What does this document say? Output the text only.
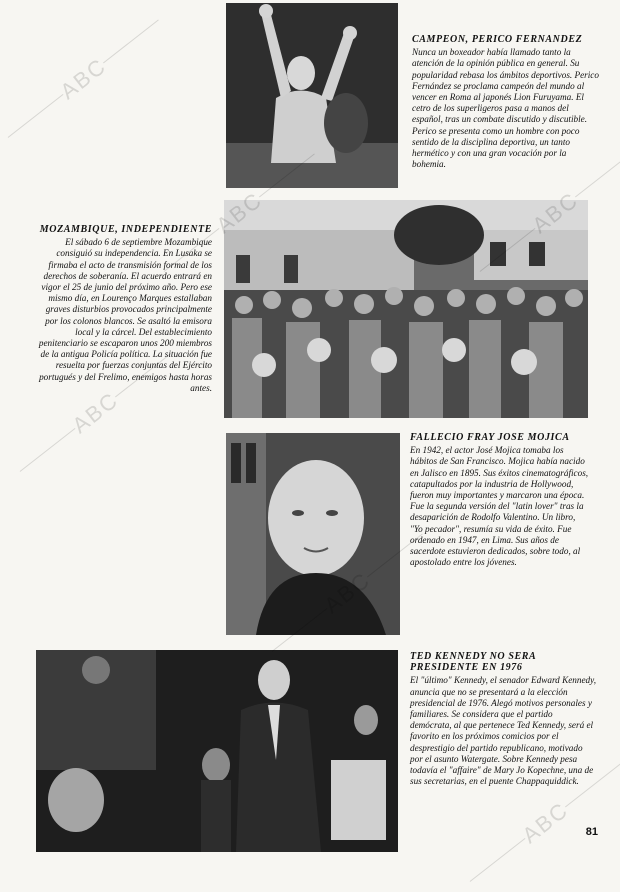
CAMPEON, PERICO FERNANDEZ

Nunca un boxeador había llamado tanto la atención de la opinión pública en general. Su popularidad rebasa los ámbitos deportivos. Perico Fernández se proclama campeón del mundo al vencer en Roma al japonés Lion Furuyama. El cetro de los superligeros pasa a manos del español, tras un combate discutido y discutible. Perico se presenta como un hombre con poco sentido de la disciplina deportiva, un tanto hermético y con una gran vocación por la bohemia.

MOZAMBIQUE, INDEPENDIENTE

El sábado 6 de septiembre Mozambique consiguió su independencia. En Lusaka se firmaba el acto de transmisión formal de los derechos de soberanía. El acuerdo entrará en vigor el 25 de junio del próximo año. Pero ese mismo día, en Lourenço Marques estallaban graves disturbios provocados principalmente por los colonos blancos. Se asaltó la emisora local y la cárcel. Del establecimiento penitenciario se escaparon unos 200 miembros de la antigua Policía política. La situación fue resuelta por fuerzas conjuntas del Ejército portugués y del Frelimo, enemigos hasta horas antes.

FALLECIO FRAY JOSE MOJICA

En 1942, el actor José Mojica tomaba los hábitos de San Francisco. Mojica había nacido en Jalisco en 1895. Sus éxitos cinematográficos, catapultados por la industria de Hollywood, fueron muy importantes y marcaron una época. Fue la segunda versión del "latin lover" tras la desaparición de Rodolfo Valentino. Un libro, "Yo pecador", resumía su vida de éxito. Fue ordenado en 1947, en Lima. Sus años de sacerdote estuvieron dedicados, sobre todo, al apostolado entre los jóvenes.

TED KENNEDY NO SERA PRESIDENTE EN 1976

El "último" Kennedy, el senador Edward Kennedy, anuncia que no se presentará a la elección presidencial de 1976. Alegó motivos personales y familiares. Se considera que el partido demócrata, al que pertenece Ted Kennedy, será el favorito en los próximos comicios por el desprestigio del partido republicano, motivado por el asunto Watergate. Sobre Kennedy pesa todavía el "affaire" de Mary Jo Kopechne, una de sus secretarias, en el puente Chappaquiddick.

ABC
ABC
ABC 81
